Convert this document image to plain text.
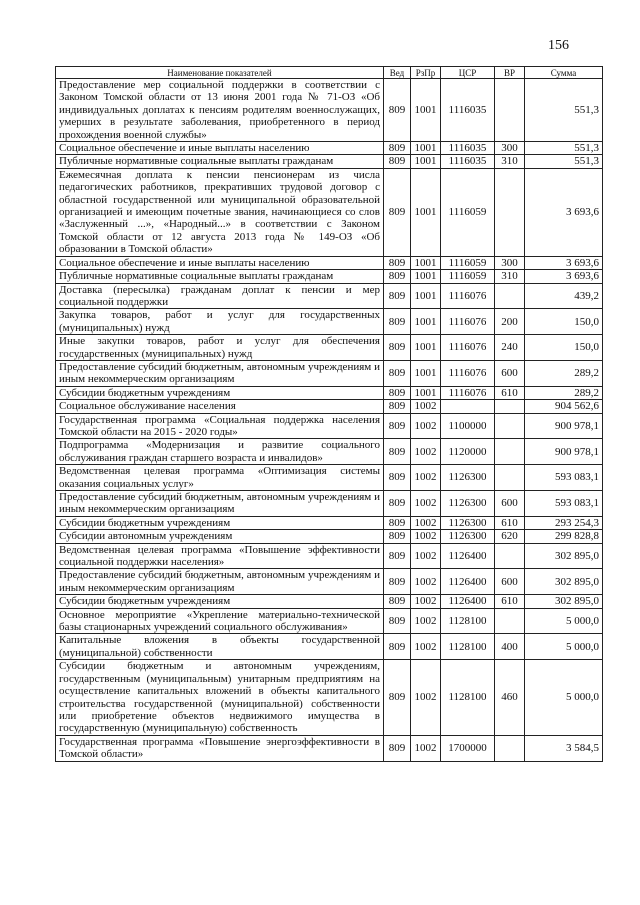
156
Наименование показателей	Вед	РзПр	ЦСР	ВР	Сумма
Предоставление мер социальной поддержки в соответствии с Законом Томской области от 13 июня 2001 года № 71-ОЗ «Об индивидуальных доплатах к пенсиям родителям военнослужащих, умерших в результате заболевания, приобретенного в период прохождения военной службы»	809	1001	1116035		551,3
Социальное обеспечение и иные выплаты населению	809	1001	1116035	300	551,3
Публичные нормативные социальные выплаты гражданам	809	1001	1116035	310	551,3
Ежемесячная доплата к пенсии пенсионерам из числа педагогических работников, прекративших трудовой договор с областной государственной или муниципальной образовательной организацией и имеющим почетные звания, начинающиеся со слов «Заслуженный ...», «Народный...» в соответствии с Законом Томской области от 12 августа 2013 года № 149-ОЗ «Об образовании в Томской области»	809	1001	1116059		3 693,6
Социальное обеспечение и иные выплаты населению	809	1001	1116059	300	3 693,6
Публичные нормативные социальные выплаты гражданам	809	1001	1116059	310	3 693,6
Доставка (пересылка) гражданам доплат к пенсии и мер социальной поддержки	809	1001	1116076		439,2
Закупка товаров, работ и услуг для государственных (муниципальных) нужд	809	1001	1116076	200	150,0
Иные закупки товаров, работ и услуг для обеспечения государственных (муниципальных) нужд	809	1001	1116076	240	150,0
Предоставление субсидий бюджетным, автономным учреждениям и иным некоммерческим организациям	809	1001	1116076	600	289,2
Субсидии бюджетным учреждениям	809	1001	1116076	610	289,2
Социальное обслуживание населения	809	1002			904 562,6
Государственная программа «Социальная поддержка населения Томской области на 2015 - 2020 годы»	809	1002	1100000		900 978,1
Подпрограмма «Модернизация и развитие социального обслуживания граждан старшего возраста и инвалидов»	809	1002	1120000		900 978,1
Ведомственная целевая программа «Оптимизация системы оказания социальных услуг»	809	1002	1126300		593 083,1
Предоставление субсидий бюджетным, автономным учреждениям и иным некоммерческим организациям	809	1002	1126300	600	593 083,1
Субсидии бюджетным учреждениям	809	1002	1126300	610	293 254,3
Субсидии автономным учреждениям	809	1002	1126300	620	299 828,8
Ведомственная целевая программа «Повышение эффективности социальной поддержки населения»	809	1002	1126400		302 895,0
Предоставление субсидий бюджетным, автономным учреждениям и иным некоммерческим организациям	809	1002	1126400	600	302 895,0
Субсидии бюджетным учреждениям	809	1002	1126400	610	302 895,0
Основное мероприятие «Укрепление материально-технической базы стационарных учреждений социального обслуживания»	809	1002	1128100		5 000,0
Капитальные вложения в объекты государственной (муниципальной) собственности	809	1002	1128100	400	5 000,0
Субсидии бюджетным и автономным учреждениям, государственным (муниципальным) унитарным предприятиям на осуществление капитальных вложений в объекты капитального строительства государственной (муниципальной) собственности или приобретение объектов недвижимого имущества в государственную (муниципальную) собственность	809	1002	1128100	460	5 000,0
Государственная программа «Повышение энергоэффективности в Томской области»	809	1002	1700000		3 584,5
